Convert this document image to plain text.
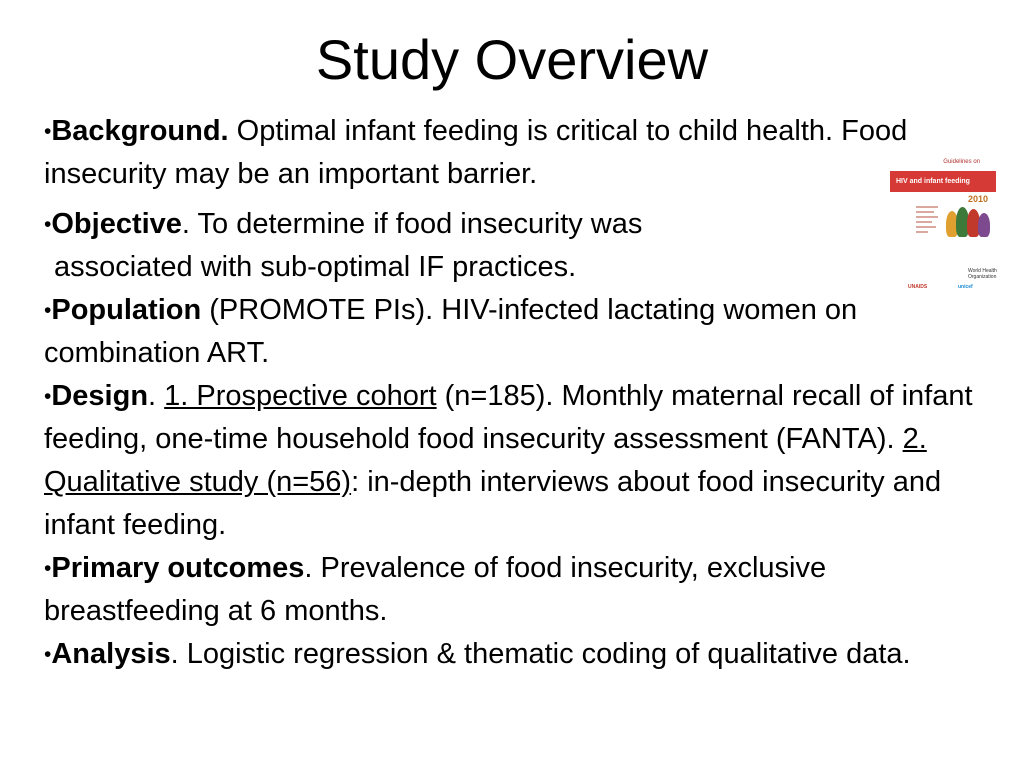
Study Overview

•Background. Optimal infant feeding is critical to child health. Food insecurity may be an important barrier.

•Objective. To determine if food insecurity was
associated with sub-optimal IF practices.

•Population (PROMOTE PIs). HIV-infected lactating women on combination ART.

•Design. 1. Prospective cohort (n=185). Monthly maternal recall of infant feeding, one-time household food insecurity assessment (FANTA). 2. Qualitative study (n=56): in-depth interviews about food insecurity and infant feeding.

•Primary outcomes. Prevalence of food insecurity, exclusive breastfeeding at 6 months.

•Analysis. Logistic regression & thematic coding of qualitative data.

Guidelines on
HIV and infant feeding
2010
World Health Organization
UNAIDS	unicef
